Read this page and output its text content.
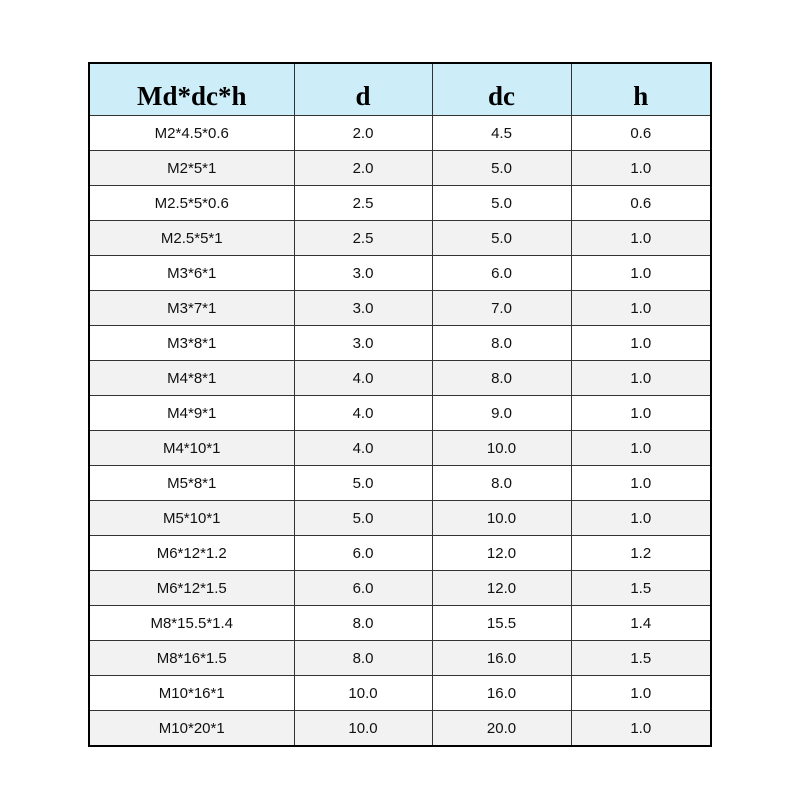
Md*dc*h	d	dc	h
M2*4.5*0.6	2.0	4.5	0.6
M2*5*1	2.0	5.0	1.0
M2.5*5*0.6	2.5	5.0	0.6
M2.5*5*1	2.5	5.0	1.0
M3*6*1	3.0	6.0	1.0
M3*7*1	3.0	7.0	1.0
M3*8*1	3.0	8.0	1.0
M4*8*1	4.0	8.0	1.0
M4*9*1	4.0	9.0	1.0
M4*10*1	4.0	10.0	1.0
M5*8*1	5.0	8.0	1.0
M5*10*1	5.0	10.0	1.0
M6*12*1.2	6.0	12.0	1.2
M6*12*1.5	6.0	12.0	1.5
M8*15.5*1.4	8.0	15.5	1.4
M8*16*1.5	8.0	16.0	1.5
M10*16*1	10.0	16.0	1.0
M10*20*1	10.0	20.0	1.0
